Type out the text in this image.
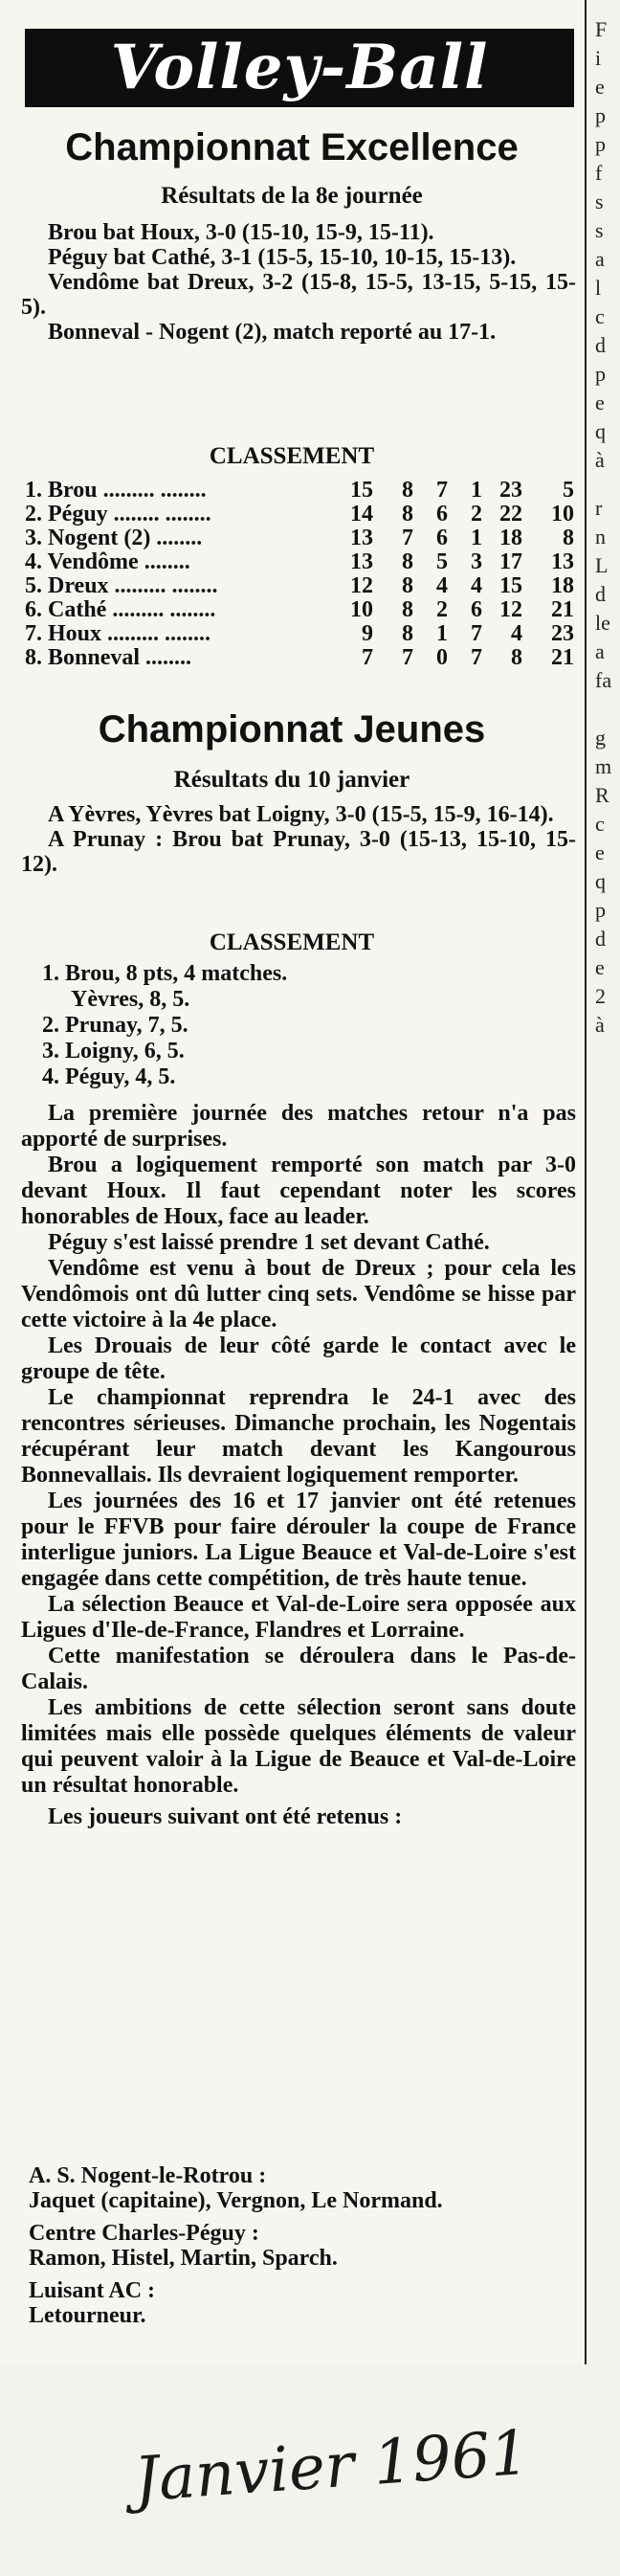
Volley-Ball
Championnat Excellence
Résultats de la 8e journée

Brou bat Houx, 3-0 (15-10, 15-9, 15-11).

Péguy bat Cathé, 3-1 (15-5, 15-10, 10-15, 15-13).

Vendôme bat Dreux, 3-2 (15-8, 15-5, 13-15, 5-15, 15-5).

Bonneval - Nogent (2), match reporté au 17-1.

CLASSEMENT
1. Brou ......... ........	15 8 7 1 23 5
2. Péguy ........ ........	14 8 6 2 22 10
3. Nogent (2) ........	13 7 6 1 18 8
4. Vendôme ........	13 8 5 3 17 13
5. Dreux ......... ........	12 8 4 4 15 18
6. Cathé ......... ........	10 8 2 6 12 21
7. Houx ......... ........	9 8 1 7 4 23
8. Bonneval ........	7 7 0 7 8 21
Championnat Jeunes
Résultats du 10 janvier

A Yèvres, Yèvres bat Loigny, 3-0 (15-5, 15-9, 16-14).

A Prunay : Brou bat Prunay, 3-0 (15-13, 15-10, 15-12).

CLASSEMENT

1. Brou, 8 pts, 4 matches.

Yèvres, 8, 5.

2. Prunay, 7, 5.

3. Loigny, 6, 5.

4. Péguy, 4, 5.

La première journée des matches retour n'a pas apporté de surprises.

Brou a logiquement remporté son match par 3-0 devant Houx. Il faut cependant noter les scores honorables de Houx, face au leader.

Péguy s'est laissé prendre 1 set devant Cathé.

Vendôme est venu à bout de Dreux ; pour cela les Vendômois ont dû lutter cinq sets. Vendôme se hisse par cette victoire à la 4e place.

Les Drouais de leur côté garde le contact avec le groupe de tête.

Le championnat reprendra le 24-1 avec des rencontres sérieuses. Dimanche prochain, les Nogentais récupérant leur match devant les Kangourous Bonnevallais. Ils devraient logiquement remporter.

Les journées des 16 et 17 janvier ont été retenues pour le FFVB pour faire dérouler la coupe de France interligue juniors. La Ligue Beauce et Val-de-Loire s'est engagée dans cette compétition, de très haute tenue.

La sélection Beauce et Val-de-Loire sera opposée aux Ligues d'Ile-de-France, Flandres et Lorraine.

Cette manifestation se déroulera dans le Pas-de-Calais.

Les ambitions de cette sélection seront sans doute limitées mais elle possède quelques éléments de valeur qui peuvent valoir à la Ligue de Beauce et Val-de-Loire un résultat honorable.

Les joueurs suivant ont été retenus :

A. S. Nogent-le-Rotrou :

Jaquet (capitaine), Vergnon, Le Normand.

Centre Charles-Péguy :

Ramon, Histel, Martin, Sparch.

Luisant AC :

Letourneur.

F
i
e
p
p
f
s
s
a
l
c
d
p
e
q
à
r
n
L
d
le
a
fa
g
m
R
c
e
q
p
d
e
2
à
Janvier 1961
